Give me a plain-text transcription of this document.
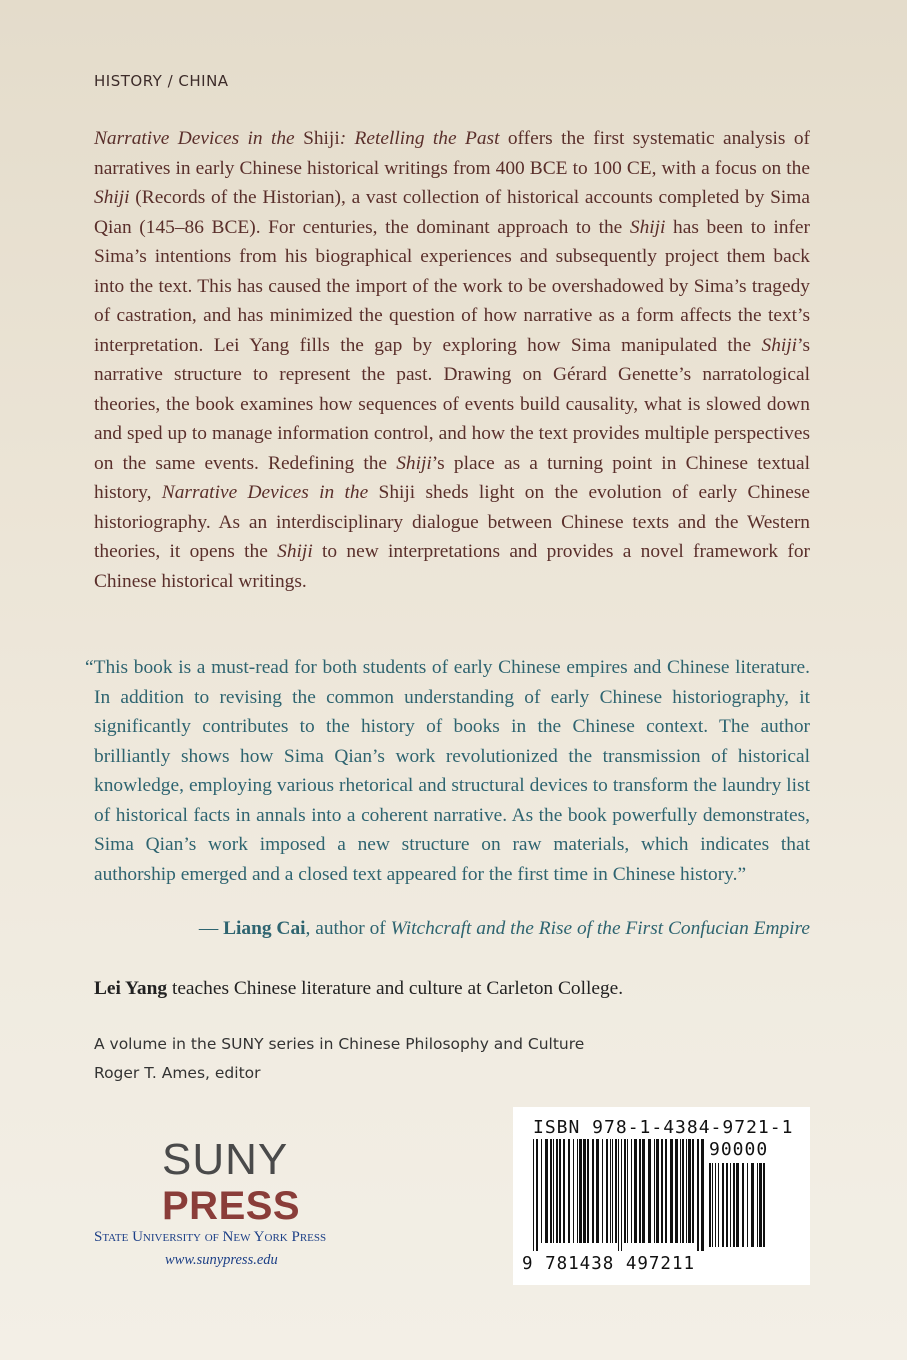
HISTORY / CHINA

Narrative Devices in the Shiji: Retelling the Past offers the first systematic analysis of narratives in early Chinese historical writings from 400 BCE to 100 CE, with a focus on the Shiji (Records of the Historian), a vast collection of historical accounts completed by Sima Qian (145–86 BCE). For centuries, the dominant approach to the Shiji has been to infer Sima’s intentions from his biographical experiences and subsequently project them back into the text. This has caused the import of the work to be overshadowed by Sima’s tragedy of castration, and has minimized the question of how narrative as a form affects the text’s interpretation. Lei Yang fills the gap by exploring how Sima manipulated the Shiji’s narrative structure to represent the past. Drawing on Gérard Genette’s narratological theories, the book examines how sequences of events build causality, what is slowed down and sped up to manage information control, and how the text provides multiple perspectives on the same events. Redefining the Shiji’s place as a turning point in Chinese textual history, Narrative Devices in the Shiji sheds light on the evolution of early Chinese historiography. As an interdisciplinary dialogue between Chinese texts and the Western theories, it opens the Shiji to new interpretations and provides a novel framework for Chinese historical writings.

“This book is a must-read for both students of early Chinese empires and Chinese literature. In addition to revising the common understanding of early Chinese historiography, it significantly contributes to the history of books in the Chinese context. The author brilliantly shows how Sima Qian’s work revolutionized the transmission of historical knowledge, employing various rhetorical and structural devices to transform the laundry list of historical facts in annals into a coherent narrative. As the book powerfully demonstrates, Sima Qian’s work imposed a new structure on raw materials, which indicates that authorship emerged and a closed text appeared for the first time in Chinese history.”

— Liang Cai, author of Witchcraft and the Rise of the First Confucian Empire
Lei Yang teaches Chinese literature and culture at Carleton College.
A volume in the SUNY series in Chinese Philosophy and Culture
Roger T. Ames, editor
SUNY
PRESS
State University of New York Press
www.sunypress.edu
ISBN 978-1-4384-9721-1
90000
9 781438 497211
